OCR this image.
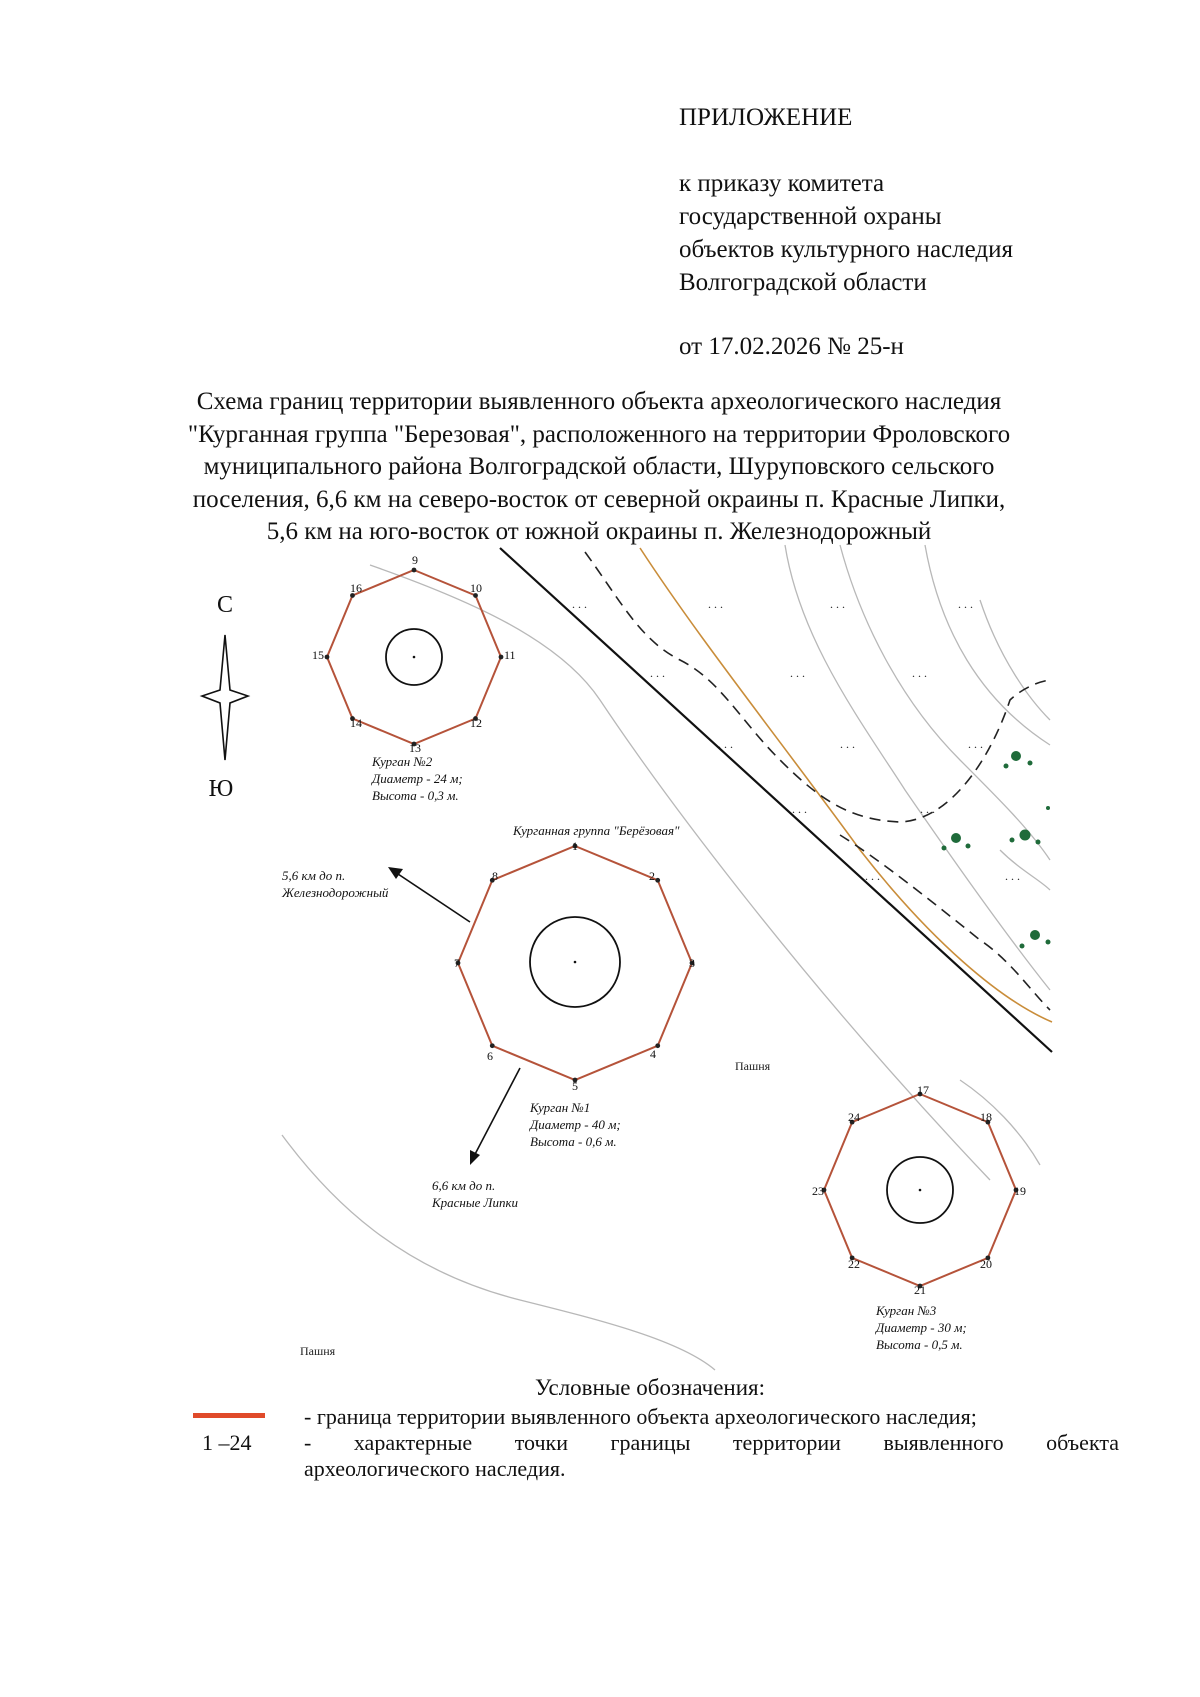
ПРИЛОЖЕНИЕ
к приказу комитета
государственной охраны
объектов культурного наследия
Волгоградской области
от 17.02.2026 № 25-н
Схема границ территории выявленного объекта археологического наследия
"Курганная группа "Березовая", расположенного на территории Фроловского
муниципального района Волгоградской области, Шуруповского сельского
поселения, 6,6 км на северо-восток от северной окраины п. Красные Липки,
5,6 км на юго-восток от южной окраины п. Железнодорожный
. . .	. . .	. . .	. . .
. . .	. . .	. . .
. . .	. . .	. . .
. . .	. . .
. . .	. . .
С
Ю
9
10
11
12
13
14
15
16
Курган №2
Диаметр - 24 м;
Высота - 0,3 м.
Курганная группа "Берёзовая"
1
2
3
4
5
6
7
8
Курган №1
Диаметр - 40 м;
Высота - 0,6 м.
5,6 км до п.
Железнодорожный
6,6 км до п.
Красные Липки
17
18
19
20
21
22
23
24
Курган №3
Диаметр - 30 м;
Высота - 0,5 м.
Пашня
Пашня
Условные обозначения:
- граница территории выявленного объекта археологического наследия;
1 –24 - характерные точки границы территории выявленного объекта
археологического наследия.
